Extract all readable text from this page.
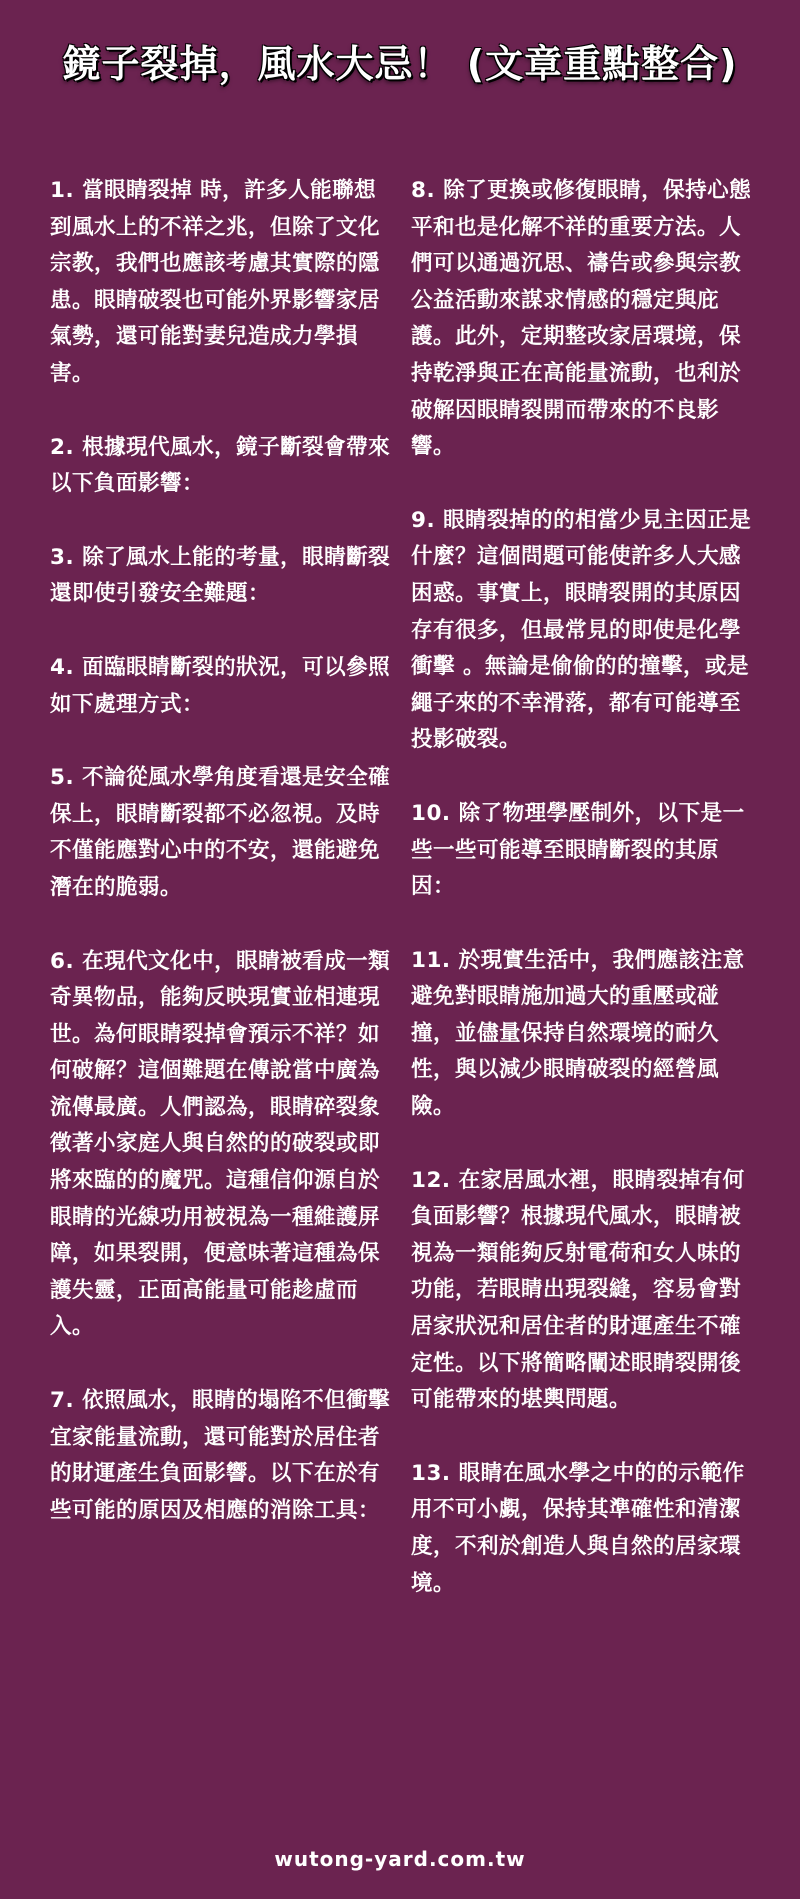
鏡子裂掉，風水大忌！ (文章重點整合)

1. 當眼睛裂掉 時，許多人能聯想到風水上的不祥之兆，但除了文化宗教，我們也應該考慮其實際的隱患。眼睛破裂也可能外界影響家居氣勢，還可能對妻兒造成力學損害。

2. 根據現代風水，鏡子斷裂會帶來以下負面影響：

3. 除了風水上能的考量，眼睛斷裂還即使引發安全難題：

4. 面臨眼睛斷裂的狀況，可以參照如下處理方式：

5. 不論從風水學角度看還是安全確保上，眼睛斷裂都不必忽視。及時不僅能應對心中的不安，還能避免潛在的脆弱。

6. 在現代文化中，眼睛被看成一類奇異物品，能夠反映現實並相連現世。為何眼睛裂掉會預示不祥？如何破解？這個難題在傳說當中廣為流傳最廣。人們認為，眼睛碎裂象徵著小家庭人與自然的的破裂或即將來臨的的魔咒。這種信仰源自於眼睛的光線功用被視為一種維護屏障，如果裂開，便意味著這種為保護失靈，正面高能量可能趁虛而入。

7. 依照風水，眼睛的塌陷不但衝擊宜家能量流動，還可能對於居住者的財運產生負面影響。以下在於有些可能的原因及相應的消除工具：

8. 除了更換或修復眼睛，保持心態平和也是化解不祥的重要方法。人們可以通過沉思、禱告或參與宗教公益活動來謀求情感的穩定與庇護。此外，定期整改家居環境，保持乾淨與正在高能量流動，也利於破解因眼睛裂開而帶來的不良影響。

9. 眼睛裂掉的的相當少見主因正是什麼？這個問題可能使許多人大感困惑。事實上，眼睛裂開的其原因存有很多，但最常見的即使是化學衝擊 。無論是偷偷的的撞擊，或是繩子來的不幸滑落，都有可能導至投影破裂。

10. 除了物理學壓制外，以下是一些一些可能導至眼睛斷裂的其原因：

11. 於現實生活中，我們應該注意避免對眼睛施加過大的重壓或碰撞，並儘量保持自然環境的耐久性，與以減少眼睛破裂的經營風險。

12. 在家居風水裡，眼睛裂掉有何負面影響？根據現代風水，眼睛被視為一類能夠反射電荷和女人味的功能，若眼睛出現裂縫，容易會對居家狀況和居住者的財運產生不確定性。以下將簡略闡述眼睛裂開後可能帶來的堪輿問題。

13. 眼睛在風水學之中的的示範作用不可小覷，保持其準確性和清潔度，不利於創造人與自然的居家環境。

wutong-yard.com.tw
